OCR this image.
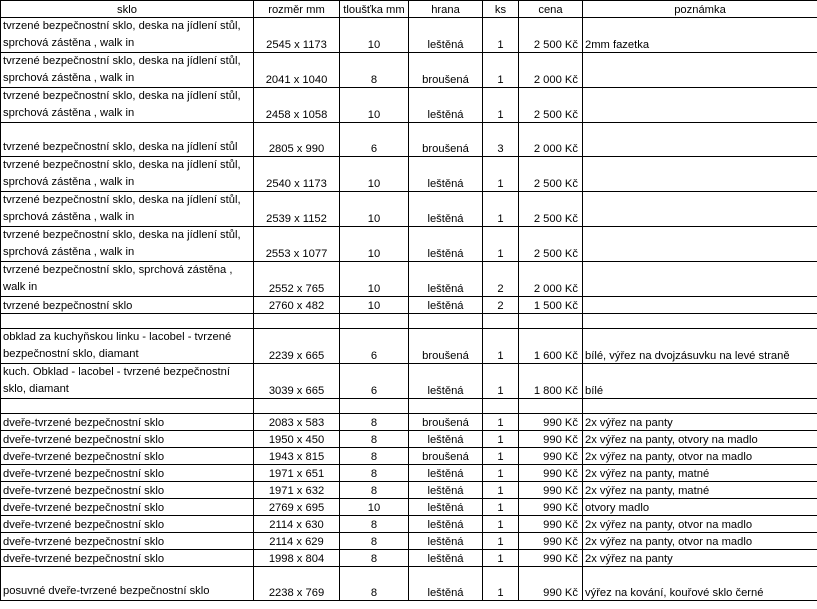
sklo	rozměr mm	tloušťka mm	hrana	ks	cena	poznámka
tvrzené bezpečnostní sklo, deska na jídlení stůl, sprchová zástěna , walk in	2545 x 1173	10	leštěná	1	2 500 Kč	2mm fazetka
tvrzené bezpečnostní sklo, deska na jídlení stůl, sprchová zástěna , walk in	2041 x 1040	8	broušená	1	2 000 Kč	
tvrzené bezpečnostní sklo, deska na jídlení stůl, sprchová zástěna , walk in	2458 x 1058	10	leštěná	1	2 500 Kč	
tvrzené bezpečnostní sklo, deska na jídlení stůl	2805 x 990	6	broušená	3	2 000 Kč	
tvrzené bezpečnostní sklo, deska na jídlení stůl, sprchová zástěna , walk in	2540 x 1173	10	leštěná	1	2 500 Kč	
tvrzené bezpečnostní sklo, deska na jídlení stůl, sprchová zástěna , walk in	2539 x 1152	10	leštěná	1	2 500 Kč	
tvrzené bezpečnostní sklo, deska na jídlení stůl, sprchová zástěna , walk in	2553 x 1077	10	leštěná	1	2 500 Kč	
tvrzené bezpečnostní sklo, sprchová zástěna , walk in	2552 x 765	10	leštěná	2	2 000 Kč	
tvrzené bezpečnostní sklo	2760 x 482	10	leštěná	2	1 500 Kč	

obklad za kuchyňskou linku - lacobel - tvrzené bezpečnostní sklo, diamant	2239 x 665	6	broušená	1	1 600 Kč	bílé, výřez na dvojzásuvku na levé straně
kuch. Obklad - lacobel - tvrzené bezpečnostní sklo, diamant	3039 x 665	6	leštěná	1	1 800 Kč	bílé

dveře-tvrzené bezpečnostní sklo	2083 x 583	8	broušená	1	990 Kč	2x výřez na panty
dveře-tvrzené bezpečnostní sklo	1950 x 450	8	leštěná	1	990 Kč	2x výřez na panty, otvory na madlo
dveře-tvrzené bezpečnostní sklo	1943 x 815	8	broušená	1	990 Kč	2x výřez na panty, otvor na madlo
dveře-tvrzené bezpečnostní sklo	1971 x 651	8	leštěná	1	990 Kč	2x výřez na panty, matné
dveře-tvrzené bezpečnostní sklo	1971 x 632	8	leštěná	1	990 Kč	2x výřez na panty, matné
dveře-tvrzené bezpečnostní sklo	2769 x 695	10	leštěná	1	990 Kč	otvory madlo
dveře-tvrzené bezpečnostní sklo	2114 x 630	8	leštěná	1	990 Kč	2x výřez na panty, otvor na madlo
dveře-tvrzené bezpečnostní sklo	2114 x 629	8	leštěná	1	990 Kč	2x výřez na panty, otvor na madlo
dveře-tvrzené bezpečnostní sklo	1998 x 804	8	leštěná	1	990 Kč	2x výřez na panty
posuvné dveře-tvrzené bezpečnostní sklo	2238 x 769	8	leštěná	1	990 Kč	výřez na kování, kouřové sklo černé
